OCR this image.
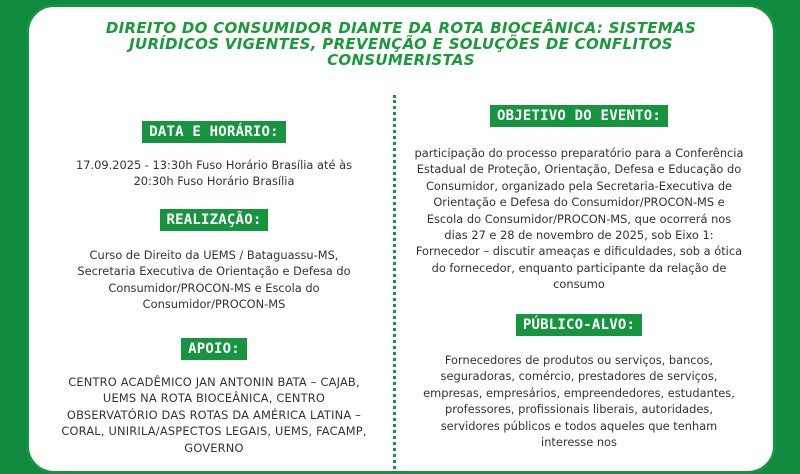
DIREITO DO CONSUMIDOR DIANTE DA ROTA BIOCEÂNICA: SISTEMAS JURÍDICOS VIGENTES, PREVENÇÃO E SOLUÇÕES DE CONFLITOS CONSUMERISTAS
DATA E HORÁRIO:

17.09.2025 - 13:30h Fuso Horário Brasília até às 20:30h Fuso Horário Brasília

REALIZAÇÃO:

Curso de Direito da UEMS / Bataguassu-MS, Secretaria Executiva de Orientação e Defesa do Consumidor/PROCON-MS e Escola do Consumidor/PROCON-MS

APOIO:

CENTRO ACADÊMICO JAN ANTONIN BATA – CAJAB, UEMS NA ROTA BIOCEÂNICA, CENTRO OBSERVATÓRIO DAS ROTAS DA AMÉRICA LATINA – CORAL, UNIRILA/ASPECTOS LEGAIS, UEMS, FACAMP, GOVERNO

OBJETIVO DO EVENTO:

participação do processo preparatório para a Conferência Estadual de Proteção, Orientação, Defesa e Educação do Consumidor, organizado pela Secretaria-Executiva de Orientação e Defesa do Consumidor/PROCON-MS e Escola do Consumidor/PROCON-MS, que ocorrerá nos dias 27 e 28 de novembro de 2025, sob Eixo 1: Fornecedor – discutir ameaças e dificuldades, sob a ótica do fornecedor, enquanto participante da relação de consumo

PÚBLICO-ALVO:

Fornecedores de produtos ou serviços, bancos, seguradoras, comércio, prestadores de serviços, empresas, empresários, empreendedores, estudantes, professores, profissionais liberais, autoridades, servidores públicos e todos aqueles que tenham interesse nos
